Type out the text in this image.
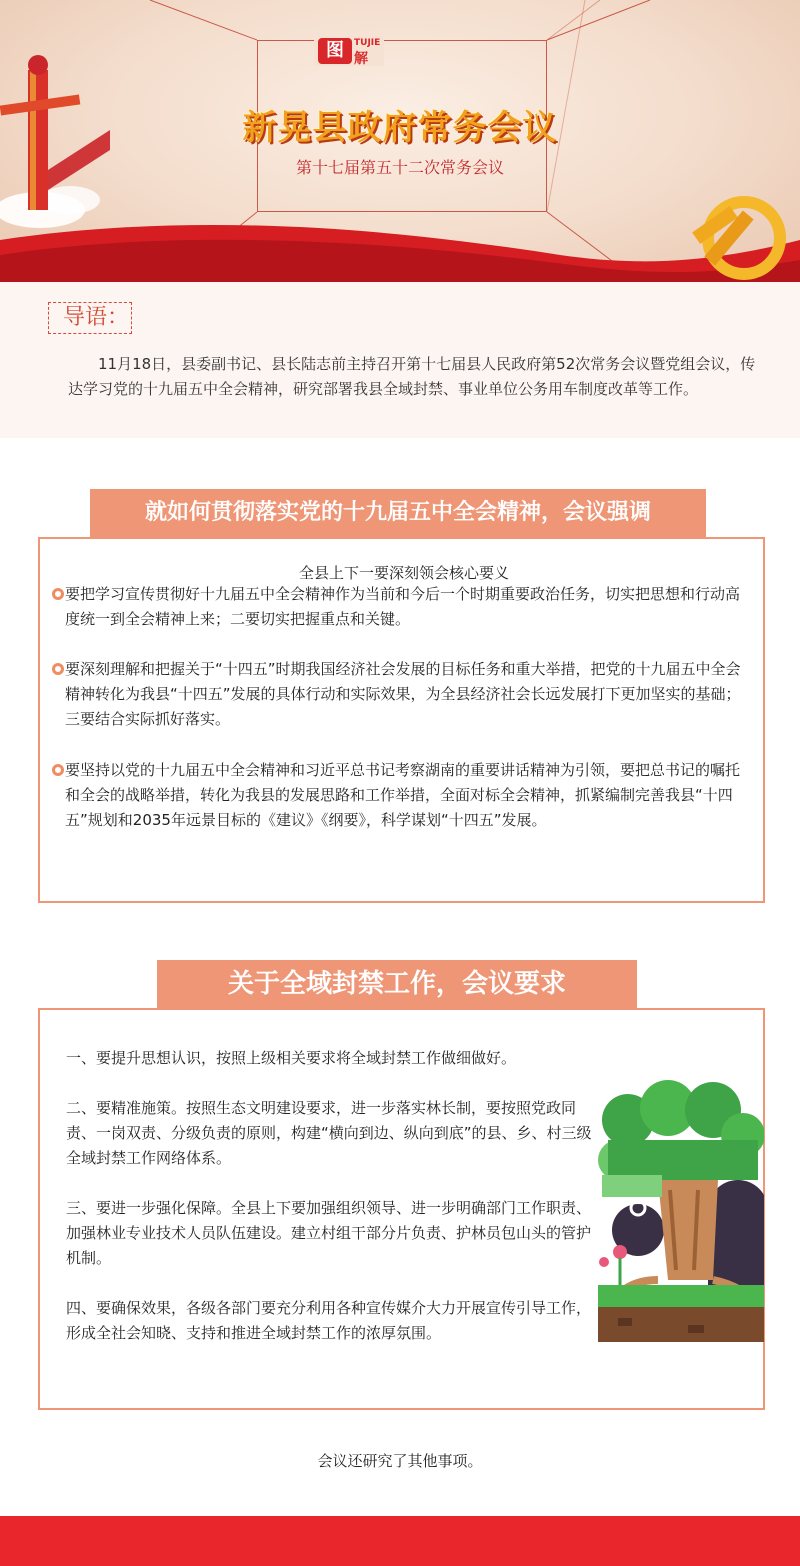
图	TUJIE
解
新晃县政府常务会议
第十七届第五十二次常务会议
导语：
11月18日，县委副书记、县长陆志前主持召开第十七届县人民政府第52次常务会议暨党组会议，传达学习党的十九届五中全会精神，研究部署我县全域封禁、事业单位公务用车制度改革等工作。
就如何贯彻落实党的十九届五中全会精神，会议强调
全县上下一要深刻领会核心要义
要把学习宣传贯彻好十九届五中全会精神作为当前和今后一个时期重要政治任务，切实把思想和行动高度统一到全会精神上来；二要切实把握重点和关键。
要深刻理解和把握关于“十四五”时期我国经济社会发展的目标任务和重大举措，把党的十九届五中全会精神转化为我县“十四五”发展的具体行动和实际效果，为全县经济社会长远发展打下更加坚实的基础；三要结合实际抓好落实。
要坚持以党的十九届五中全会精神和习近平总书记考察湖南的重要讲话精神为引领，要把总书记的嘱托和全会的战略举措，转化为我县的发展思路和工作举措，全面对标全会精神，抓紧编制完善我县“十四五”规划和2035年远景目标的《建议》《纲要》，科学谋划“十四五”发展。
关于全域封禁工作，会议要求
一、要提升思想认识，按照上级相关要求将全域封禁工作做细做好。
二、要精准施策。按照生态文明建设要求，进一步落实林长制，要按照党政同责、一岗双责、分级负责的原则，构建“横向到边、纵向到底”的县、乡、村三级全域封禁工作网络体系。
三、要进一步强化保障。全县上下要加强组织领导、进一步明确部门工作职责、加强林业专业技术人员队伍建设。建立村组干部分片负责、护林员包山头的管护机制。
四、要确保效果，各级各部门要充分利用各种宣传媒介大力开展宣传引导工作，形成全社会知晓、支持和推进全域封禁工作的浓厚氛围。
会议还研究了其他事项。
